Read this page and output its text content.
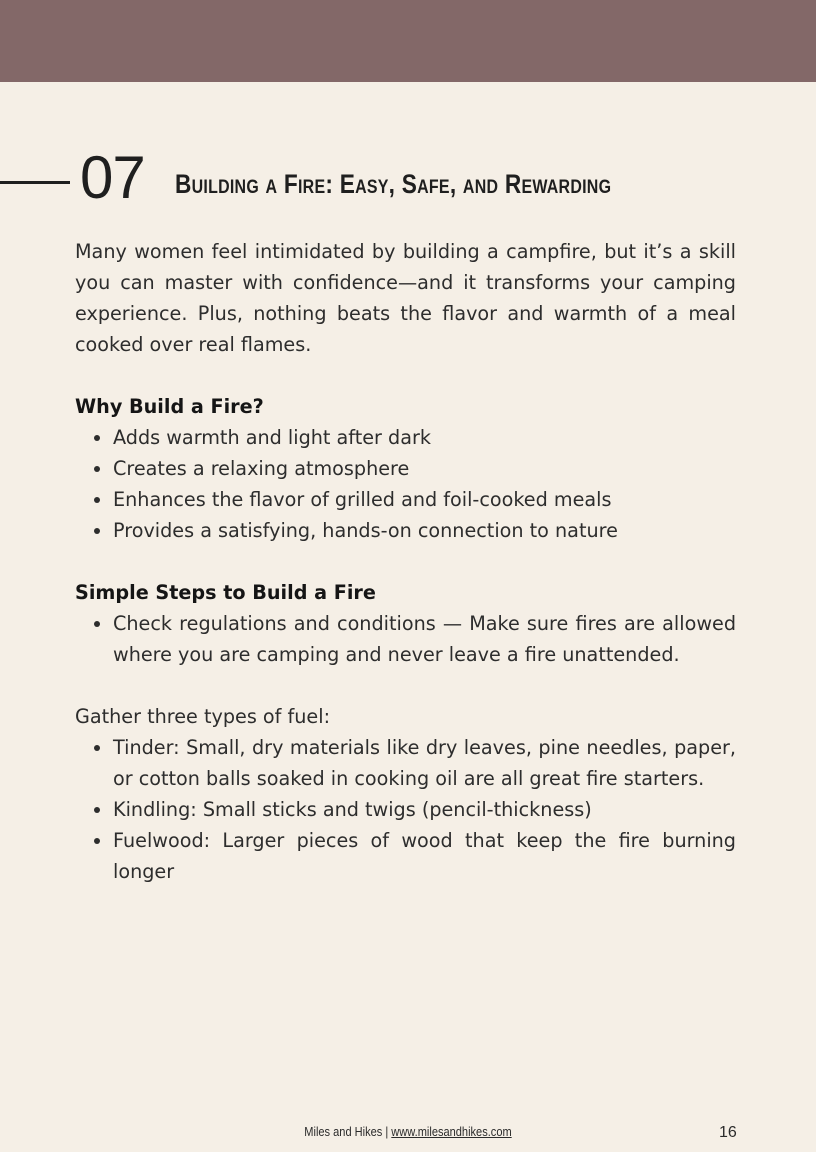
07 Building a Fire: Easy, Safe, and Rewarding

Many women feel intimidated by building a campfire, but it’s a skill you can master with confidence—and it transforms your camping experience. Plus, nothing beats the flavor and warmth of a meal cooked over real flames.

Why Build a Fire?
• Adds warmth and light after dark
• Creates a relaxing atmosphere
• Enhances the flavor of grilled and foil-cooked meals
• Provides a satisfying, hands-on connection to nature
Simple Steps to Build a Fire
• Check regulations and conditions — Make sure fires are allowed where you are camping and never leave a fire unattended.

Gather three types of fuel:

• Tinder: Small, dry materials like dry leaves, pine needles, paper, or cotton balls soaked in cooking oil are all great fire starters.
• Kindling: Small sticks and twigs (pencil-thickness)
• Fuelwood: Larger pieces of wood that keep the fire burning longer
Miles and Hikes | www.milesandhikes.com	16
